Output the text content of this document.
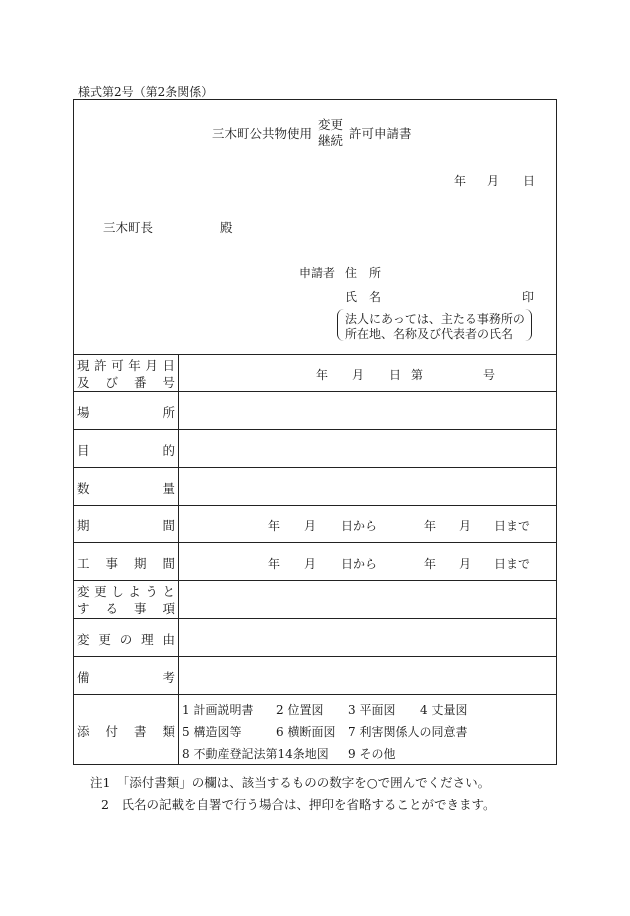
様式第2号（第2条関係）
三木町公共物使用
変更
継続 許可申請書
年 月 日
三木町長	殿
申請者 住　所
氏　名	印
法人にあっては、主たる事務所の
所在地、名称及び代表者の氏名
現 許 可 年 月 日
及 び 番 号	年 月 日 第	号
場	所
目	的
数	量
期	間	年 月 日から	年 月 日まで
工 事 期 間	年 月 日から	年 月 日まで
変 更 し よ う と
す る 事 項
変 更 の 理 由
備	考
添 付 書 類
1 計画説明書 2 位置図 3 平面図 4 丈量図
5 構造図等	6 横断面図 7 利害関係人の同意書
8 不動産登記法第14条地図 9 その他
注1　「添付書類」の欄は、該当するものの数字を○で囲んでください。
2　氏名の記載を自署で行う場合は、押印を省略することができます。
